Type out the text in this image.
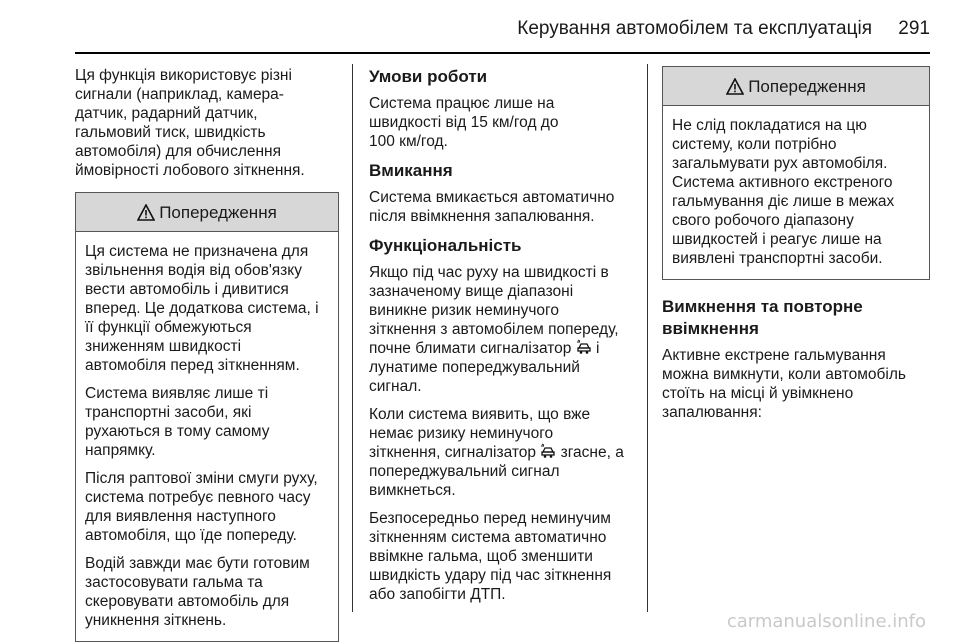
Керування автомобілем та експлуатація 291

Ця функція використовує різні
сигнали (наприклад, камера-
датчик, радарний датчик,
гальмовий тиск, швидкість
автомобіля) для обчислення
ймовірності лобового зіткнення.

Попередження

Ця система не призначена для
звільнення водія від обов'язку
вести автомобіль і дивитися
вперед. Це додаткова система, і
її функції обмежуються
зниженням швидкості
автомобіля перед зіткненням.

Система виявляє лише ті
транспортні засоби, які
рухаються в тому самому
напрямку.

Після раптової зміни смуги руху,
система потребує певного часу
для виявлення наступного
автомобіля, що їде попереду.

Водій завжди має бути готовим
застосовувати гальма та
скеровувати автомобіль для
уникнення зіткнень.

Умови роботи

Система працює лише на
швидкості від 15 км/год до
100 км/год.

Вмикання

Система вмикається автоматично
після ввімкнення запалювання.

Функціональність

Якщо під час руху на швидкості в
зазначеному вище діапазоні
виникне ризик неминучого
зіткнення з автомобілем попереду,
почне блимати сигналізатор  і
лунатиме попереджувальний
сигнал.

Коли система виявить, що вже
немає ризику неминучого
зіткнення, сигналізатор  згасне, а
попереджувальний сигнал
вимкнеться.

Безпосередньо перед неминучим
зіткненням система автоматично
ввімкне гальма, щоб зменшити
швидкість удару під час зіткнення
або запобігти ДТП.

Попередження

Не слід покладатися на цю
систему, коли потрібно
загальмувати рух автомобіля.
Система активного екстреного
гальмування діє лише в межах
свого робочого діапазону
швидкостей і реагує лише на
виявлені транспортні засоби.

Вимкнення та повторне
ввімкнення

Активне екстрене гальмування
можна вимкнути, коли автомобіль
стоїть на місці й увімкнено
запалювання:

carmanualsonline.info
